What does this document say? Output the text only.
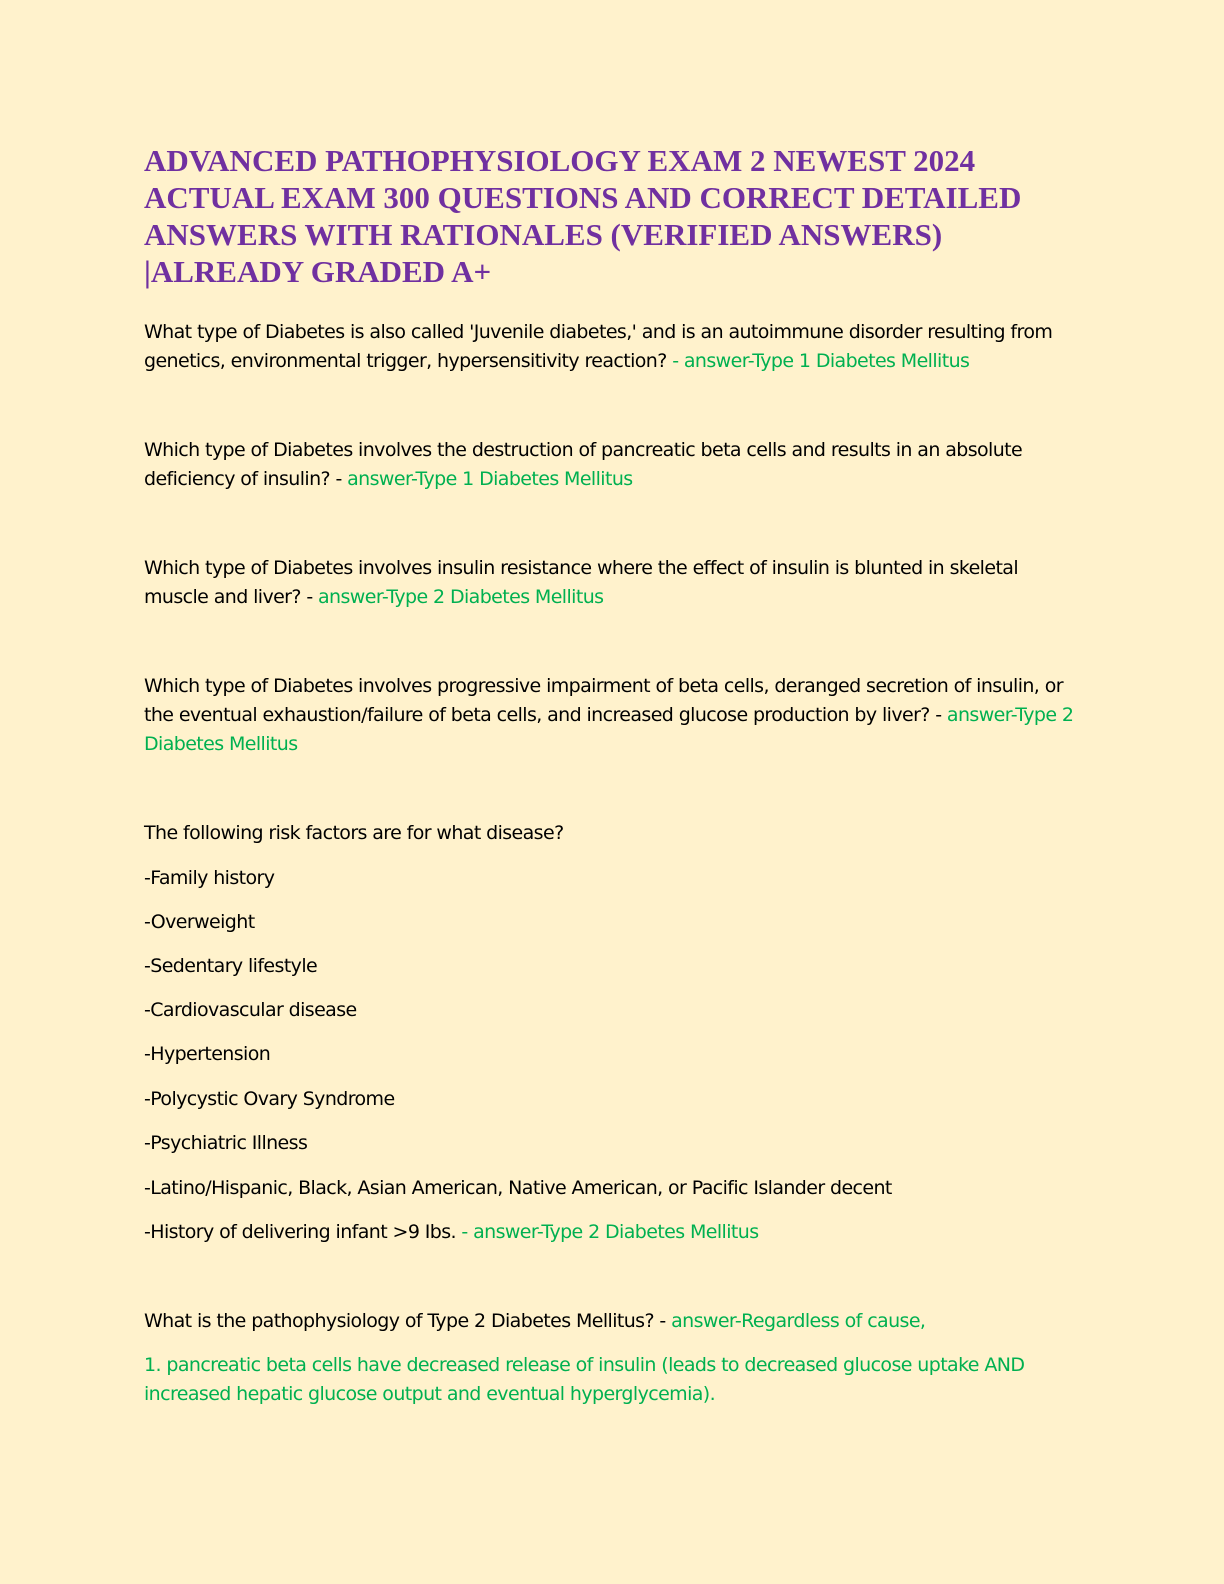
ADVANCED PATHOPHYSIOLOGY EXAM 2 NEWEST 2024 ACTUAL EXAM 300 QUESTIONS AND CORRECT DETAILED ANSWERS WITH RATIONALES (VERIFIED ANSWERS) |ALREADY GRADED A+

What type of Diabetes is also called 'Juvenile diabetes,' and is an autoimmune disorder resulting from genetics, environmental trigger, hypersensitivity reaction? - answer-Type 1 Diabetes Mellitus

Which type of Diabetes involves the destruction of pancreatic beta cells and results in an absolute deficiency of insulin? - answer-Type 1 Diabetes Mellitus

Which type of Diabetes involves insulin resistance where the effect of insulin is blunted in skeletal muscle and liver? - answer-Type 2 Diabetes Mellitus

Which type of Diabetes involves progressive impairment of beta cells, deranged secretion of insulin, or the eventual exhaustion/failure of beta cells, and increased glucose production by liver? - answer-Type 2 Diabetes Mellitus

The following risk factors are for what disease?

-Family history

-Overweight

-Sedentary lifestyle

-Cardiovascular disease

-Hypertension

-Polycystic Ovary Syndrome

-Psychiatric Illness

-Latino/Hispanic, Black, Asian American, Native American, or Pacific Islander decent

-History of delivering infant >9 Ibs. - answer-Type 2 Diabetes Mellitus

What is the pathophysiology of Type 2 Diabetes Mellitus? - answer-Regardless of cause,

1. pancreatic beta cells have decreased release of insulin (leads to decreased glucose uptake AND increased hepatic glucose output and eventual hyperglycemia).
